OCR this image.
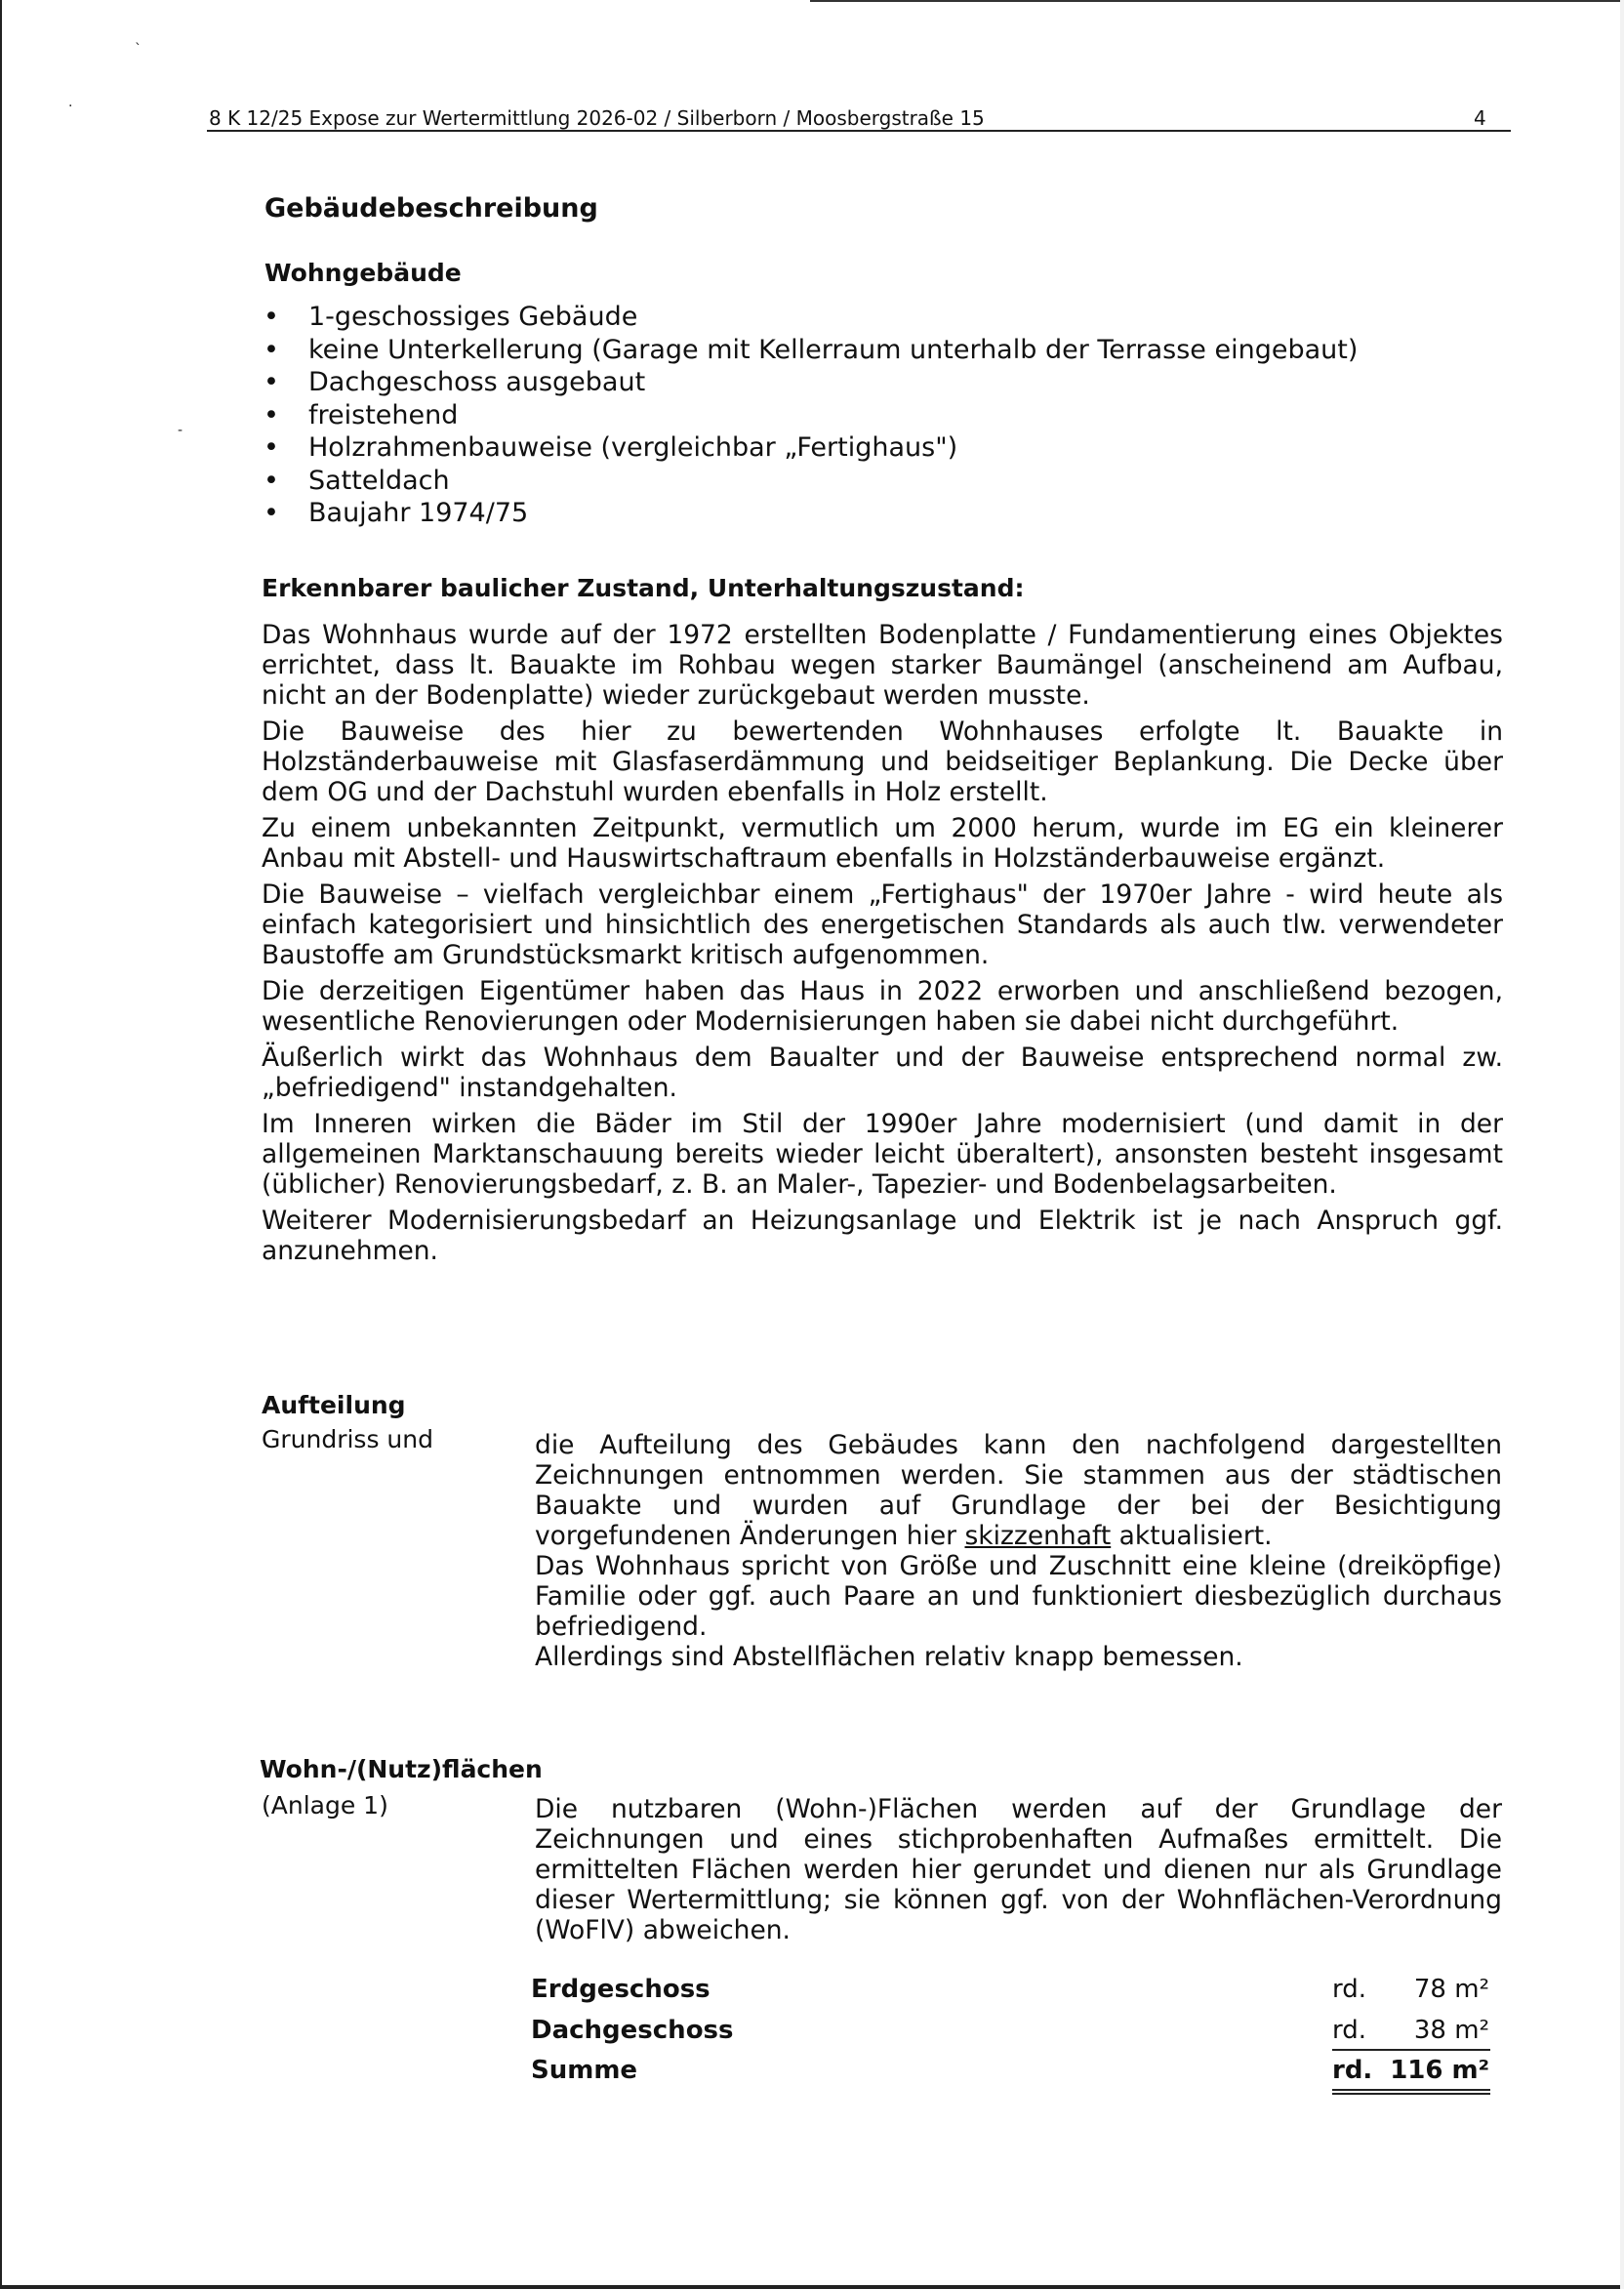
`
·
-
8 K 12/25 Expose zur Wertermittlung 2026-02 / Silberborn / Moosbergstraße 15	4
Gebäudebeschreibung
Wohngebäude
• 1-geschossiges Gebäude
• keine Unterkellerung (Garage mit Kellerraum unterhalb der Terrasse eingebaut)
• Dachgeschoss ausgebaut
• freistehend
• Holzrahmenbauweise (vergleichbar „Fertighaus")
• Satteldach
• Baujahr 1974/75
Erkennbarer baulicher Zustand, Unterhaltungszustand:

Das Wohnhaus wurde auf der 1972 erstellten Bodenplatte / Fundamentierung eines Objektes errichtet, dass lt. Bauakte im Rohbau wegen starker Baumängel (anscheinend am Aufbau, nicht an der Bodenplatte) wieder zurückgebaut werden musste.

Die Bauweise des hier zu bewertenden Wohnhauses erfolgte lt. Bauakte in Holzständerbauweise mit Glasfaserdämmung und beidseitiger Beplankung. Die Decke über dem OG und der Dachstuhl wurden ebenfalls in Holz erstellt.

Zu einem unbekannten Zeitpunkt, vermutlich um 2000 herum, wurde im EG ein kleinerer Anbau mit Abstell- und Hauswirtschaftraum ebenfalls in Holzständerbauweise ergänzt.

Die Bauweise – vielfach vergleichbar einem „Fertighaus" der 1970er Jahre - wird heute als einfach kategorisiert und hinsichtlich des energetischen Standards als auch tlw. verwendeter Baustoffe am Grundstücksmarkt kritisch aufgenommen.

Die derzeitigen Eigentümer haben das Haus in 2022 erworben und anschließend bezogen, wesentliche Renovierungen oder Modernisierungen haben sie dabei nicht durchgeführt.

Äußerlich wirkt das Wohnhaus dem Baualter und der Bauweise entsprechend normal zw. „befriedigend" instandgehalten.

Im Inneren wirken die Bäder im Stil der 1990er Jahre modernisiert (und damit in der allgemeinen Marktanschauung bereits wieder leicht überaltert), ansonsten besteht insgesamt (üblicher) Renovierungsbedarf, z. B. an Maler-, Tapezier- und Bodenbelagsarbeiten.

Weiterer Modernisierungsbedarf an Heizungsanlage und Elektrik ist je nach Anspruch ggf. anzunehmen.

Aufteilung
Grundriss und	die Aufteilung des Gebäudes kann den nachfolgend dargestellten Zeichnungen entnommen werden. Sie stammen aus der städtischen Bauakte und wurden auf Grundlage der bei der Besichtigung vorgefundenen Änderungen hier skizzenhaft aktualisiert.

Das Wohnhaus spricht von Größe und Zuschnitt eine kleine (dreiköpfige) Familie oder ggf. auch Paare an und funktioniert diesbezüglich durchaus befriedigend.

Allerdings sind Abstellflächen relativ knapp bemessen.

Wohn-/(Nutz)flächen
(Anlage 1)	Die nutzbaren (Wohn-)Flächen werden auf der Grundlage der Zeichnungen und eines stichprobenhaften Aufmaßes ermittelt. Die ermittelten Flächen werden hier gerundet und dienen nur als Grundlage dieser Wertermittlung; sie können ggf. von der Wohnflächen-Verordnung (WoFlV) abweichen.

Erdgeschoss	rd. 78 m²
Dachgeschoss	rd. 38 m²
Summe	rd. 116 m²
